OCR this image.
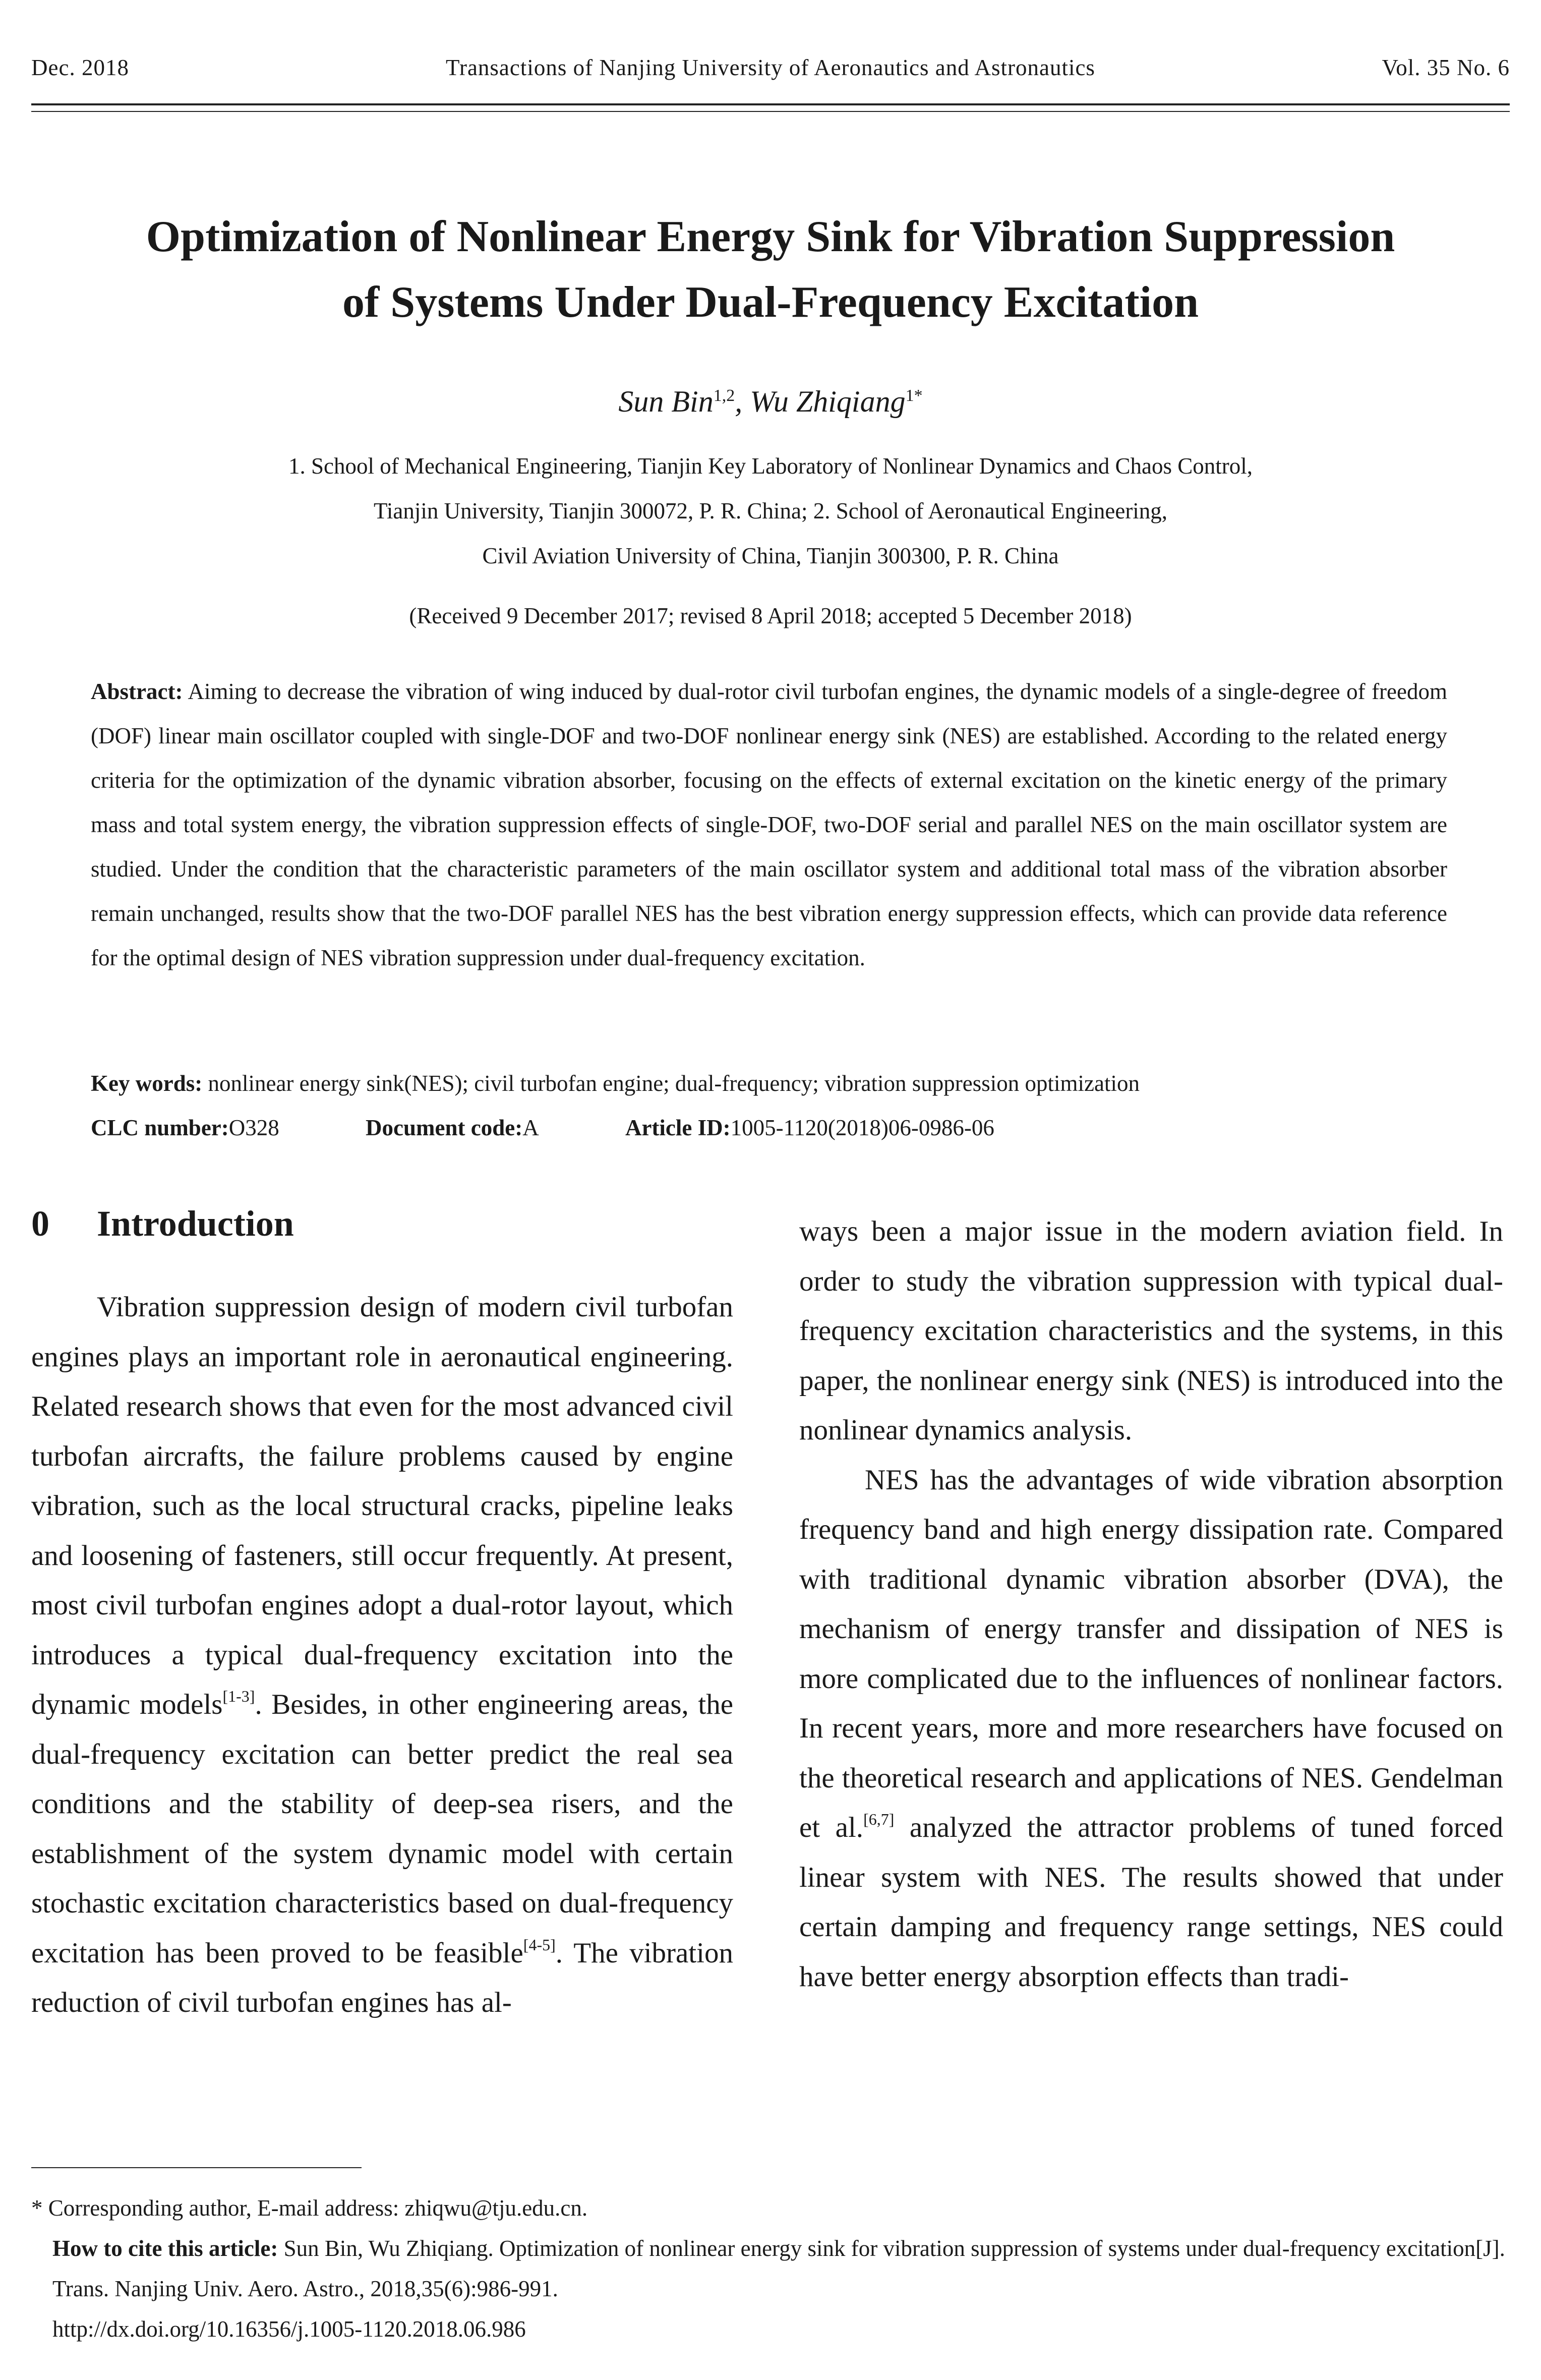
Dec. 2018	Transactions of Nanjing University of Aeronautics and Astronautics	Vol. 35 No. 6
Optimization of Nonlinear Energy Sink for Vibration Suppression
of Systems Under Dual-Frequency Excitation
Sun Bin$^{1,2}$, Wu Zhiqiang$^{1*}$
1. School of Mechanical Engineering, Tianjin Key Laboratory of Nonlinear Dynamics and Chaos Control,
Tianjin University, Tianjin 300072, P. R. China; 2. School of Aeronautical Engineering,
Civil Aviation University of China, Tianjin 300300, P. R. China
(Received 9 December 2017; revised 8 April 2018; accepted 5 December 2018)
Abstract: Aiming to decrease the vibration of wing induced by dual-rotor civil turbofan engines, the dynamic models of a single-degree of freedom (DOF) linear main oscillator coupled with single-DOF and two-DOF nonlinear energy sink (NES) are established. According to the related energy criteria for the optimization of the dynamic vibration absorber, focusing on the effects of external excitation on the kinetic energy of the primary mass and total system energy, the vibration suppression effects of single-DOF, two-DOF serial and parallel NES on the main oscillator system are studied. Under the condition that the characteristic parameters of the main oscillator system and additional total mass of the vibration absorber remain unchanged, results show that the two-DOF parallel NES has the best vibration energy suppression effects, which can provide data reference for the optimal design of NES vibration suppression under dual-frequency excitation.
Key words: nonlinear energy sink(NES); civil turbofan engine; dual-frequency; vibration suppression optimization
CLC number:O328	Document code:A	Article ID:1005-1120(2018)06-0986-06
0 Introduction

Vibration suppression design of modern civil turbofan engines plays an important role in aeronautical engineering. Related research shows that even for the most advanced civil turbofan aircrafts, the failure problems caused by engine vibration, such as the local structural cracks, pipeline leaks and loosening of fasteners, still occur frequently. At present, most civil turbofan engines adopt a dual-rotor layout, which introduces a typical dual-frequency excitation into the dynamic models[1-3]. Besides, in other engineering areas, the dual-frequency excitation can better predict the real sea conditions and the stability of deep-sea risers, and the establishment of the system dynamic model with certain stochastic excitation characteristics based on dual-frequency excitation has been proved to be feasible[4-5]. The vibration reduction of civil turbofan engines has al-

ways been a major issue in the modern aviation field. In order to study the vibration suppression with typical dual-frequency excitation characteristics and the systems, in this paper, the nonlinear energy sink (NES) is introduced into the nonlinear dynamics analysis.

NES has the advantages of wide vibration absorption frequency band and high energy dissipation rate. Compared with traditional dynamic vibration absorber (DVA), the mechanism of energy transfer and dissipation of NES is more complicated due to the influences of nonlinear factors. In recent years, more and more researchers have focused on the theoretical research and applications of NES. Gendelman et al.[6,7] analyzed the attractor problems of tuned forced linear system with NES. The results showed that under certain damping and frequency range settings, NES could have better energy absorption effects than tradi-

* Corresponding author, E-mail address: zhiqwu@tju.edu.cn.

How to cite this article: Sun Bin, Wu Zhiqiang. Optimization of nonlinear energy sink for vibration suppression of systems under dual-frequency excitation[J]. Trans. Nanjing Univ. Aero. Astro., 2018,35(6):986-991.

http://dx.doi.org/10.16356/j.1005-1120.2018.06.986
